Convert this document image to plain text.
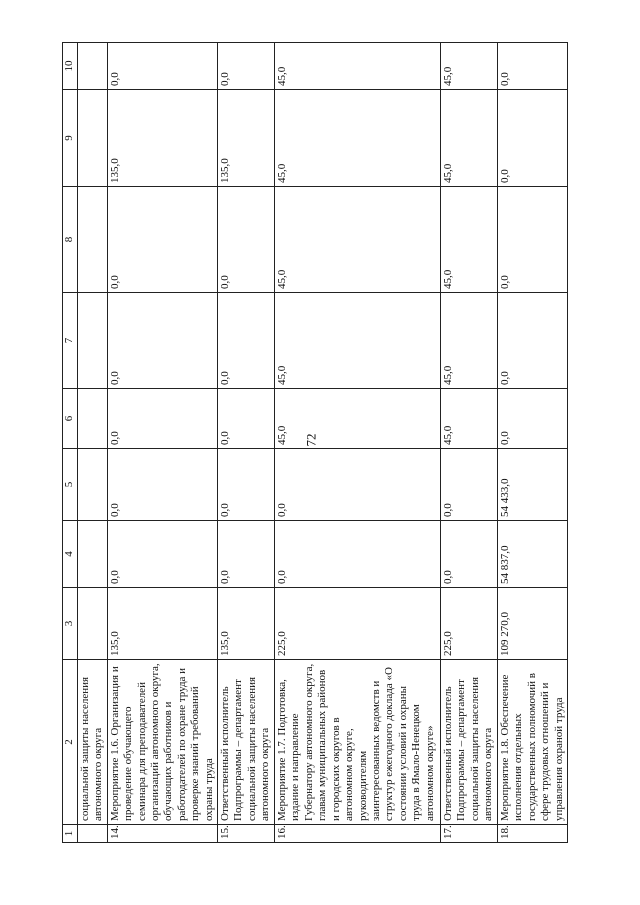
72
1	2	3	4	5	6	7	8	9	10
	социальной защиты населения автономного округа								
14.	Мероприятие 1.6. Организация и проведение обучающего семинара для преподавателей организаций автономного округа, обучающих работников и работодателей по охране труда и проверке знаний требований охраны труда	135,0	0,0	0,0	0,0	0,0	0,0	135,0	0,0
15.	Ответственный исполнитель Подпрограммы – департамент социальной защиты населения автономного округа	135,0	0,0	0,0	0,0	0,0	0,0	135,0	0,0
16.	Мероприятие 1.7. Подготовка, издание и направление Губернатору автономного округа, главам муниципальных районов и городских округов в автономном округе, руководителям заинтересованных ведомств и структур ежегодного доклада «О состоянии условий и охраны труда в Ямало-Ненецком автономном округе»	225,0	0,0	0,0	45,0	45,0	45,0	45,0	45,0
17.	Ответственный исполнитель Подпрограммы – департамент социальной защиты населения автономного округа	225,0	0,0	0,0	45,0	45,0	45,0	45,0	45,0
18.	Мероприятие 1.8. Обеспечение исполнения отдельных государственных полномочий в сфере трудовых отношений и управления охраной труда	109 270,0	54 837,0	54 433,0	0,0	0,0	0,0	0,0	0,0
